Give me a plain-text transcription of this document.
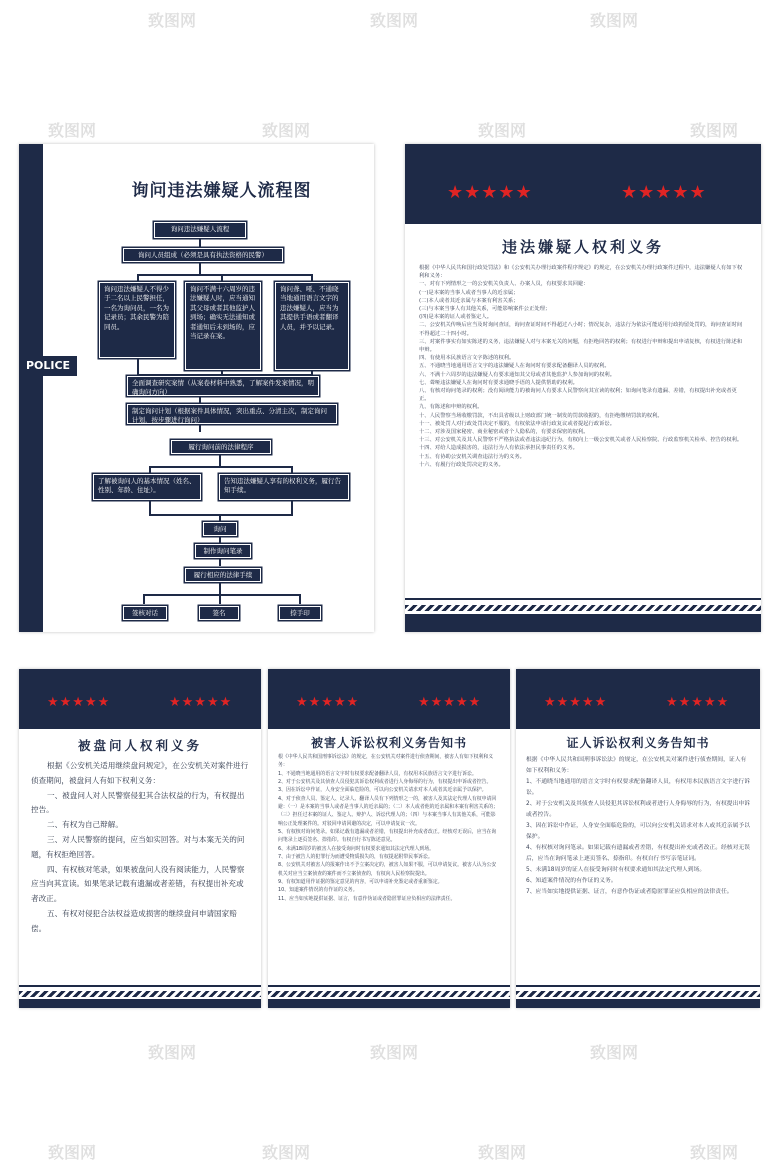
致图网	致图网	致图网
致图网	致图网	致图网	致图网
致图网	致图网	致图网
致图网	致图网	致图网	致图网
POLICE
询问违法嫌疑人流程图
询问违法嫌疑人流程
询问人员组成（必须是具有执法资格的民警）
询问违法嫌疑人不得少于二名以上民警担任，一名为询问员，一名为记录员；其余民警为陪同员。
询问不满十六周岁的违法嫌疑人时，应当通知其父母或者其他监护人到场；确实无法通知或者通知后未到场的，应当记录在案。
询问聋、哑、不通晓当地通用语言文字的违法嫌疑人，应当为其提供手语或者翻译人员，并予以记录。
全面调查研究案情（从案卷材料中熟悉，了解案件发案情况，明确询问方向）
制定询问计划（根据案件具体情况，突出重点、分清主次，制定询问计划，按步骤进行询问）
履行询问前的法律程序
了解被询问人的基本情况（姓名、性别、年龄、住址）。
告知违法嫌疑人享有的权利义务，履行告知手续。
询问
制作询问笔录
履行相应的法律手续
签核对话	签名	捺手印
★★★★★	★★★★★
违法嫌疑人权利义务

根据《中华人民共和国行政处罚法》和《公安机关办理行政案件程序规定》的规定，在公安机关办理行政案件过程中，违法嫌疑人有如下权利和义务：

一、对有下列情形之一的公安机关负责人、办案人员，有权要求其回避：

(一)是本案的当事人或者当事人的近亲属；

(二)本人或者其近亲属与本案有利害关系；

(三)与本案当事人有其他关系，可能影响案件公正处理；

(四)是本案的证人或者鉴定人。

二、公安机关传唤后应当及时询问查证，询问查证时间不得超过八小时；情况复杂，违法行为依法可能适用行政拘留处罚的，询问查证时间不得超过二十四小时。

三、对案件事实有如实陈述的义务，违法嫌疑人对与本案无关的问题，有拒绝回答的权利；有权进行申辩和提出申请复核，有权进行陈述和申辩。

四、有使用本民族语言文字陈述的权利。

五、不通晓当地通用语言文字的违法嫌疑人在询问时有要求配备翻译人员的权利。

六、不满十六周岁的违法嫌疑人有要求通知其父母或者其他监护人参加询问的权利。

七、聋哑违法嫌疑人在询问时有要求通晓手语的人提供帮助的权利。

八、有核对询问笔录的权利；没有阅读能力的被询问人有要求人民警察向其宣读的权利；如询问笔录有遗漏、差错，有权提出补充或者更正。

九、有陈述和申辩的权利。

十、人民警察当场收缴罚款，不出具省级以上财政部门统一制发的罚款收据的，有拒绝缴纳罚款的权利。

十一、被处罚人对行政处罚决定不服的，有权依法申请行政复议或者提起行政诉讼。

十二、对涉及国家秘密、商业秘密或者个人隐私的，有要求保密的权利。

十三、对公安机关及其人民警察不严格执法或者违法违纪行为，有权向上一级公安机关或者人民检察院、行政监察机关检举、控告的权利。

十四、对给人造成损害的，违法行为人有依法承担民事责任的义务。

十五、有协助公安机关调查违法行为的义务。

十六、有履行行政处罚决定的义务。

★★★★★	★★★★★
被盘问人权利义务

根据《公安机关适用继续盘问规定》，在公安机关对案件进行侦查期间，被盘问人有如下权利义务：

一、被盘问人对人民警察侵犯其合法权益的行为，有权提出控告。

二、有权为自己辩解。

三、对人民警察的提问，应当如实回答。对与本案无关的问题，有权拒绝回答。

四、有权核对笔录，如果被盘问人没有阅读能力，人民警察应当向其宣读。如果笔录记载有遗漏或者差错，有权提出补充或者改正。

五、有权对侵犯合法权益造成损害的继续盘问申请国家赔偿。

★★★★★	★★★★★
被害人诉讼权利义务告知书

根《中华人民共和国刑事诉讼法》的规定，在公安机关对案件进行侦查期间，被害人有如下权利和义务：

1、不通晓当地通用的语言文字时有权要求配备翻译人员，有权用本民族语言文字进行诉讼。

2、对于公安机关及其侦查人员侵犯其诉讼权利或者进行人身侮辱的行为，有权提出申诉或者控告。

3、因在诉讼中作证，人身安全面临危险的，可以向公安机关请求对本人或者其近亲属予以保护。

4、对于侦查人员、鉴定人、记录人、翻译人员有下列情形之一的，被害人及其法定代理人有权申请回避：（一）是本案的当事人或者是当事人的近亲属的；（二）本人或者他的近亲属和本案有利害关系的；（三）担任过本案的证人、鉴定人、辩护人、诉讼代理人的；（四）与本案当事人有其他关系，可能影响公正处理案件的。对驳回申请回避的决定，可以申请复议一次。

5、有权核对询问笔录。如果记载有遗漏或者差错，有权提出补充或者改正。经核对无误后，应当在询问笔录上逐页签名、捺指印。有权自行书写陈述意见。

6、未满18周岁的被害人在接受询问时有权要求通知其法定代理人到场。

7、由于被告人的犯罪行为而遭受物质损失的，有权提起附带民事诉讼。

8、公安机关对被害人的报案作出不予立案决定的，被害人如果不服，可以申请复议。被害人认为公安机关对应当立案侦查的案件而不立案侦查的，有权向人民检察院提出。

9、有权知道用作证据的鉴定意见的内容，可以申请补充鉴定或者重新鉴定。

10、知道案件情况的有作证的义务。

11、应当如实地提供证据、证言，有意作伪证或者隐匿罪证应负相应的法律责任。

★★★★★	★★★★★
证人诉讼权利义务告知书

根据《中华人民共和国刑事诉讼法》的规定，在公安机关对案件进行侦查期间，证人有如下权利和义务：

1、不通晓当地通用的语言文字时有权要求配备翻译人员，有权用本民族语言文字进行诉讼。

2、对于公安机关及其侦查人员侵犯其诉讼权利或者进行人身侮辱的行为，有权提出申诉或者控告。

3、因在诉讼中作证，人身安全面临危险的，可以向公安机关请求对本人或其近亲属予以保护。

4、有权核对询问笔录。如果记载有遗漏或者差错，有权提出补充或者改正。经核对无误后，应当在询问笔录上逐页签名、捺指印。有权自行书写亲笔证词。

5、未满18周岁的证人在接受询问时有权要求通知其法定代理人到场。

6、知道案件情况的有作证的义务。

7、应当如实地提供证据、证言，有意作伪证或者隐匿罪证应负相应的法律责任。
